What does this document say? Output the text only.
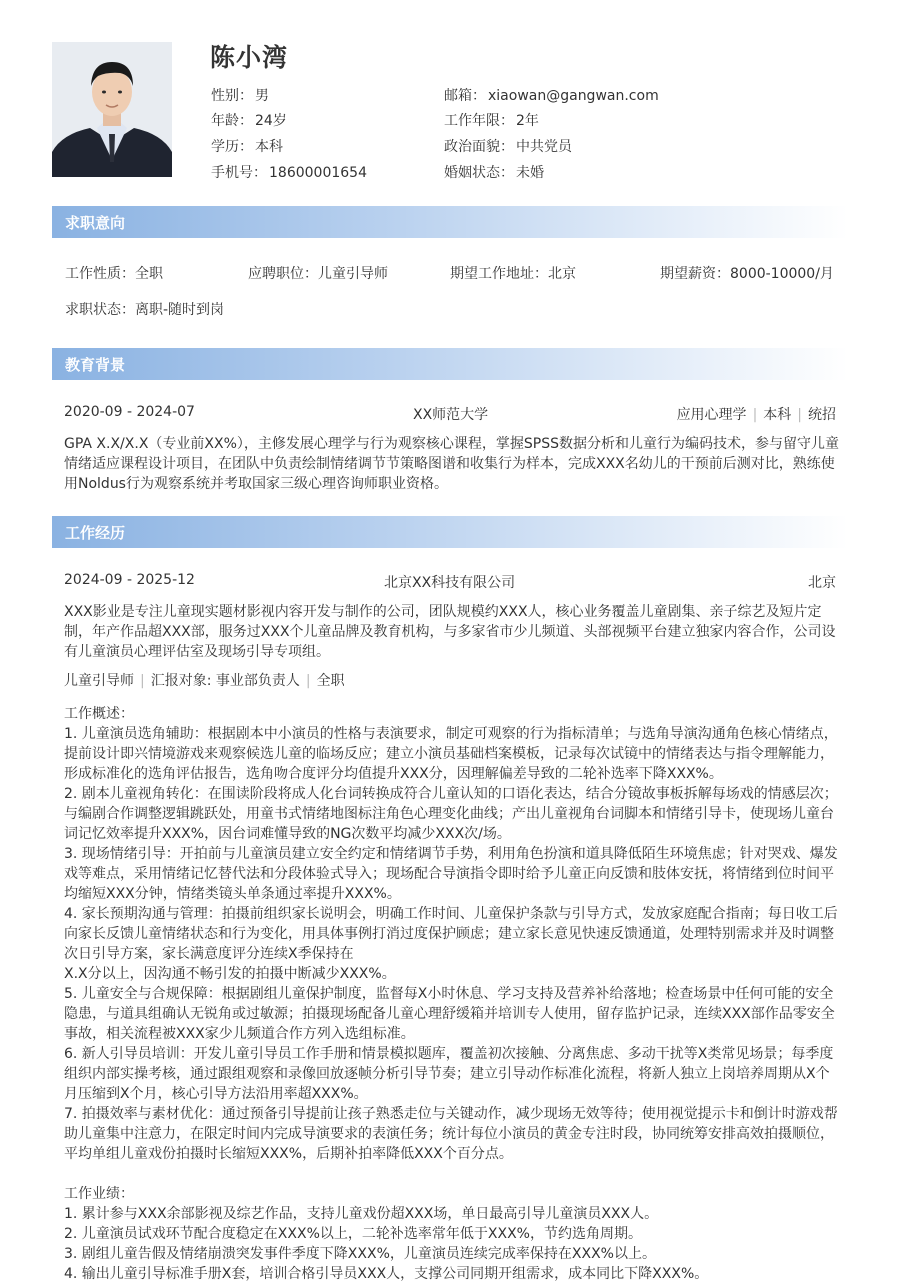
陈小湾
性别： 男	邮箱： xiaowan@gangwan.com
年龄： 24岁	工作年限： 2年
学历： 本科	政治面貌： 中共党员
手机号： 18600001654	婚姻状态： 未婚
求职意向
工作性质：全职	应聘职位：儿童引导师	期望工作地址：北京	期望薪资：8000-10000/月
求职状态：离职-随时到岗
教育背景
2020-09 - 2024-07	XX师范大学	应用心理学 | 本科 | 统招
GPA X.X/X.X（专业前XX%），主修发展心理学与行为观察核心课程，掌握SPSS数据分析和儿童行为编码技术，参与留守儿童情绪适应课程设计项目，在团队中负责绘制情绪调节节策略图谱和收集行为样本，完成XXX名幼儿的干预前后测对比，熟练使用Noldus行为观察系统并考取国家三级心理咨询师职业资格。
工作经历
2024-09 - 2025-12	北京XX科技有限公司	北京
XXX影业是专注儿童现实题材影视内容开发与制作的公司，团队规模约XXX人，核心业务覆盖儿童剧集、亲子综艺及短片定制，年产作品超XXX部，服务过XXX个儿童品牌及教育机构，与多家省市少儿频道、头部视频平台建立独家内容合作，公司设有儿童演员心理评估室及现场引导专项组。
儿童引导师 | 汇报对象: 事业部负责人 | 全职

工作概述：

1. 儿童演员选角辅助：根据剧本中小演员的性格与表演要求，制定可观察的行为指标清单；与选角导演沟通角色核心情绪点，提前设计即兴情境游戏来观察候选儿童的临场反应；建立小演员基础档案模板，记录每次试镜中的情绪表达与指令理解能力，形成标准化的选角评估报告，选角吻合度评分均值提升XXX分，因理解偏差导致的二轮补选率下降XXX%。

2. 剧本儿童视角转化：在围读阶段将成人化台词转换成符合儿童认知的口语化表达，结合分镜故事板拆解每场戏的情感层次；与编剧合作调整逻辑跳跃处，用童书式情绪地图标注角色心理变化曲线；产出儿童视角台词脚本和情绪引导卡，使现场儿童台词记忆效率提升XXX%，因台词难懂导致的NG次数平均减少XXX次/场。

3. 现场情绪引导：开拍前与儿童演员建立安全约定和情绪调节手势，利用角色扮演和道具降低陌生环境焦虑；针对哭戏、爆发戏等难点，采用情绪记忆替代法和分段体验式导入；现场配合导演指令即时给予儿童正向反馈和肢体安抚，将情绪到位时间平均缩短XXX分钟，情绪类镜头单条通过率提升XXX%。

4. 家长预期沟通与管理：拍摄前组织家长说明会，明确工作时间、儿童保护条款与引导方式，发放家庭配合指南；每日收工后向家长反馈儿童情绪状态和行为变化，用具体事例打消过度保护顾虑；建立家长意见快速反馈通道，处理特别需求并及时调整次日引导方案，家长满意度评分连续X季保持在

X.X分以上，因沟通不畅引发的拍摄中断减少XXX%。

5. 儿童安全与合规保障：根据剧组儿童保护制度，监督每X小时休息、学习支持及营养补给落地；检查场景中任何可能的安全隐患，与道具组确认无锐角或过敏源；拍摄现场配备儿童心理舒缓箱并培训专人使用，留存监护记录，连续XXX部作品零安全事故，相关流程被XXX家少儿频道合作方列入选组标准。

6. 新人引导员培训：开发儿童引导员工作手册和情景模拟题库，覆盖初次接触、分离焦虑、多动干扰等X类常见场景；每季度组织内部实操考核，通过跟组观察和录像回放逐帧分析引导节奏；建立引导动作标准化流程，将新人独立上岗培养周期从X个月压缩到X个月，核心引导方法沿用率超XXX%。

7. 拍摄效率与素材优化：通过预备引导提前让孩子熟悉走位与关键动作，减少现场无效等待；使用视觉提示卡和倒计时游戏帮助儿童集中注意力，在限定时间内完成导演要求的表演任务；统计每位小演员的黄金专注时段，协同统筹安排高效拍摄顺位，平均单组儿童戏份拍摄时长缩短XXX%，后期补拍率降低XXX个百分点。

工作业绩：

1. 累计参与XXX余部影视及综艺作品，支持儿童戏份超XXX场，单日最高引导儿童演员XXX人。

2. 儿童演员试戏环节配合度稳定在XXX%以上，二轮补选率常年低于XXX%，节约选角周期。

3. 剧组儿童告假及情绪崩溃突发事件季度下降XXX%，儿童演员连续完成率保持在XXX%以上。

4. 输出儿童引导标准手册X套，培训合格引导员XXX人，支撑公司同期开组需求，成本同比下降XXX%。
